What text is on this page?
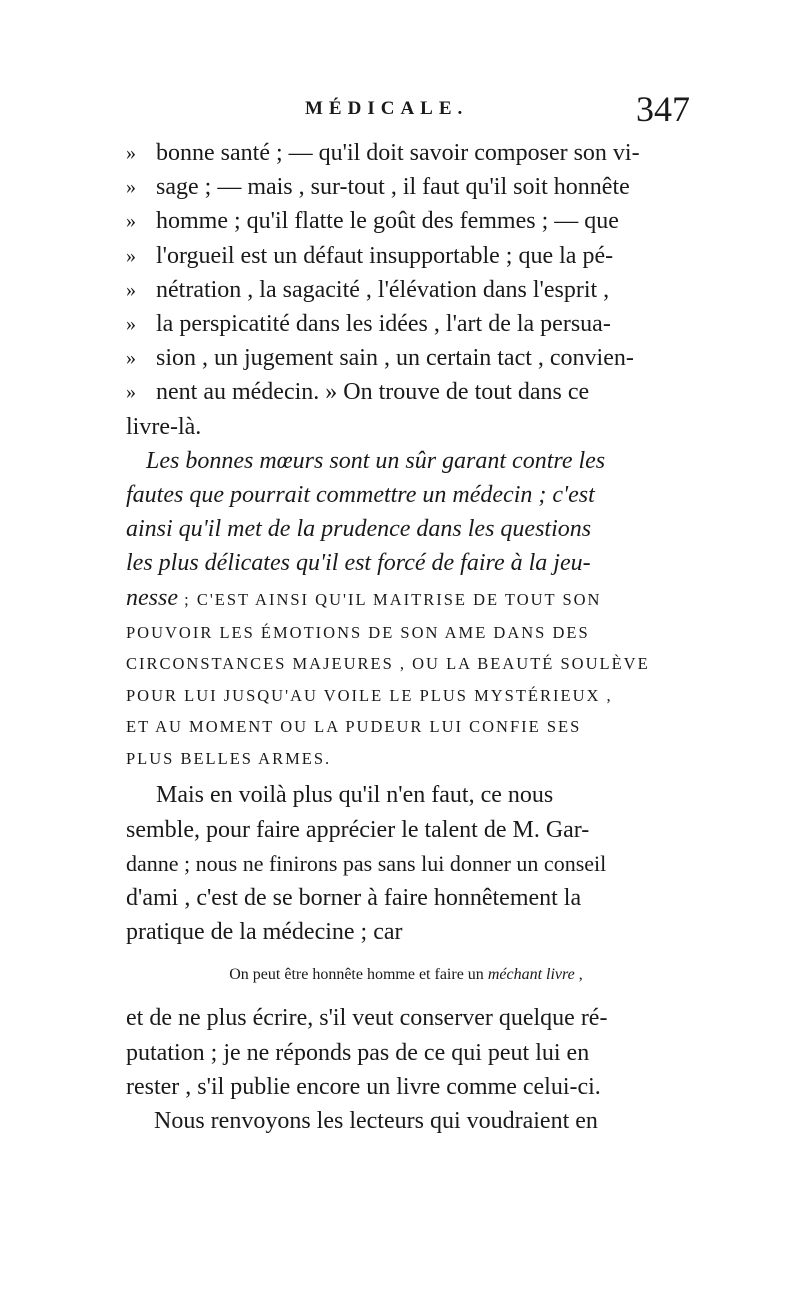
MÉDICALE.	347
» bonne santé ; — qu'il doit savoir composer son vi-
» sage ; — mais , sur-tout , il faut qu'il soit honnête
» homme ; qu'il flatte le goût des femmes ; — que
» l'orgueil est un défaut insupportable ; que la pé-
» nétration , la sagacité , l'élévation dans l'esprit ,
» la perspicatité dans les idées , l'art de la persua-
» sion , un jugement sain , un certain tact , convien-
» nent au médecin. » On trouve de tout dans ce
livre-là.
Les bonnes mœurs sont un sûr garant contre les
fautes que pourrait commettre un médecin ; c'est
ainsi qu'il met de la prudence dans les questions
les plus délicates qu'il est forcé de faire à la jeu-
nesse ; C'EST AINSI QU'IL MAITRISE DE TOUT SON
POUVOIR LES ÉMOTIONS DE SON AME DANS DES
CIRCONSTANCES MAJEURES , OU LA BEAUTÉ SOULÈVE
POUR LUI JUSQU'AU VOILE LE PLUS MYSTÉRIEUX ,
ET AU MOMENT OU LA PUDEUR LUI CONFIE SES
PLUS BELLES ARMES.
Mais en voilà plus qu'il n'en faut, ce nous
semble, pour faire apprécier le talent de M. Gar-
danne ; nous ne finirons pas sans lui donner un conseil
d'ami , c'est de se borner à faire honnêtement la
pratique de la médecine ; car
On peut être honnête homme et faire un méchant livre ,
et de ne plus écrire, s'il veut conserver quelque ré-
putation ; je ne réponds pas de ce qui peut lui en
rester , s'il publie encore un livre comme celui-ci.
Nous renvoyons les lecteurs qui voudraient en
